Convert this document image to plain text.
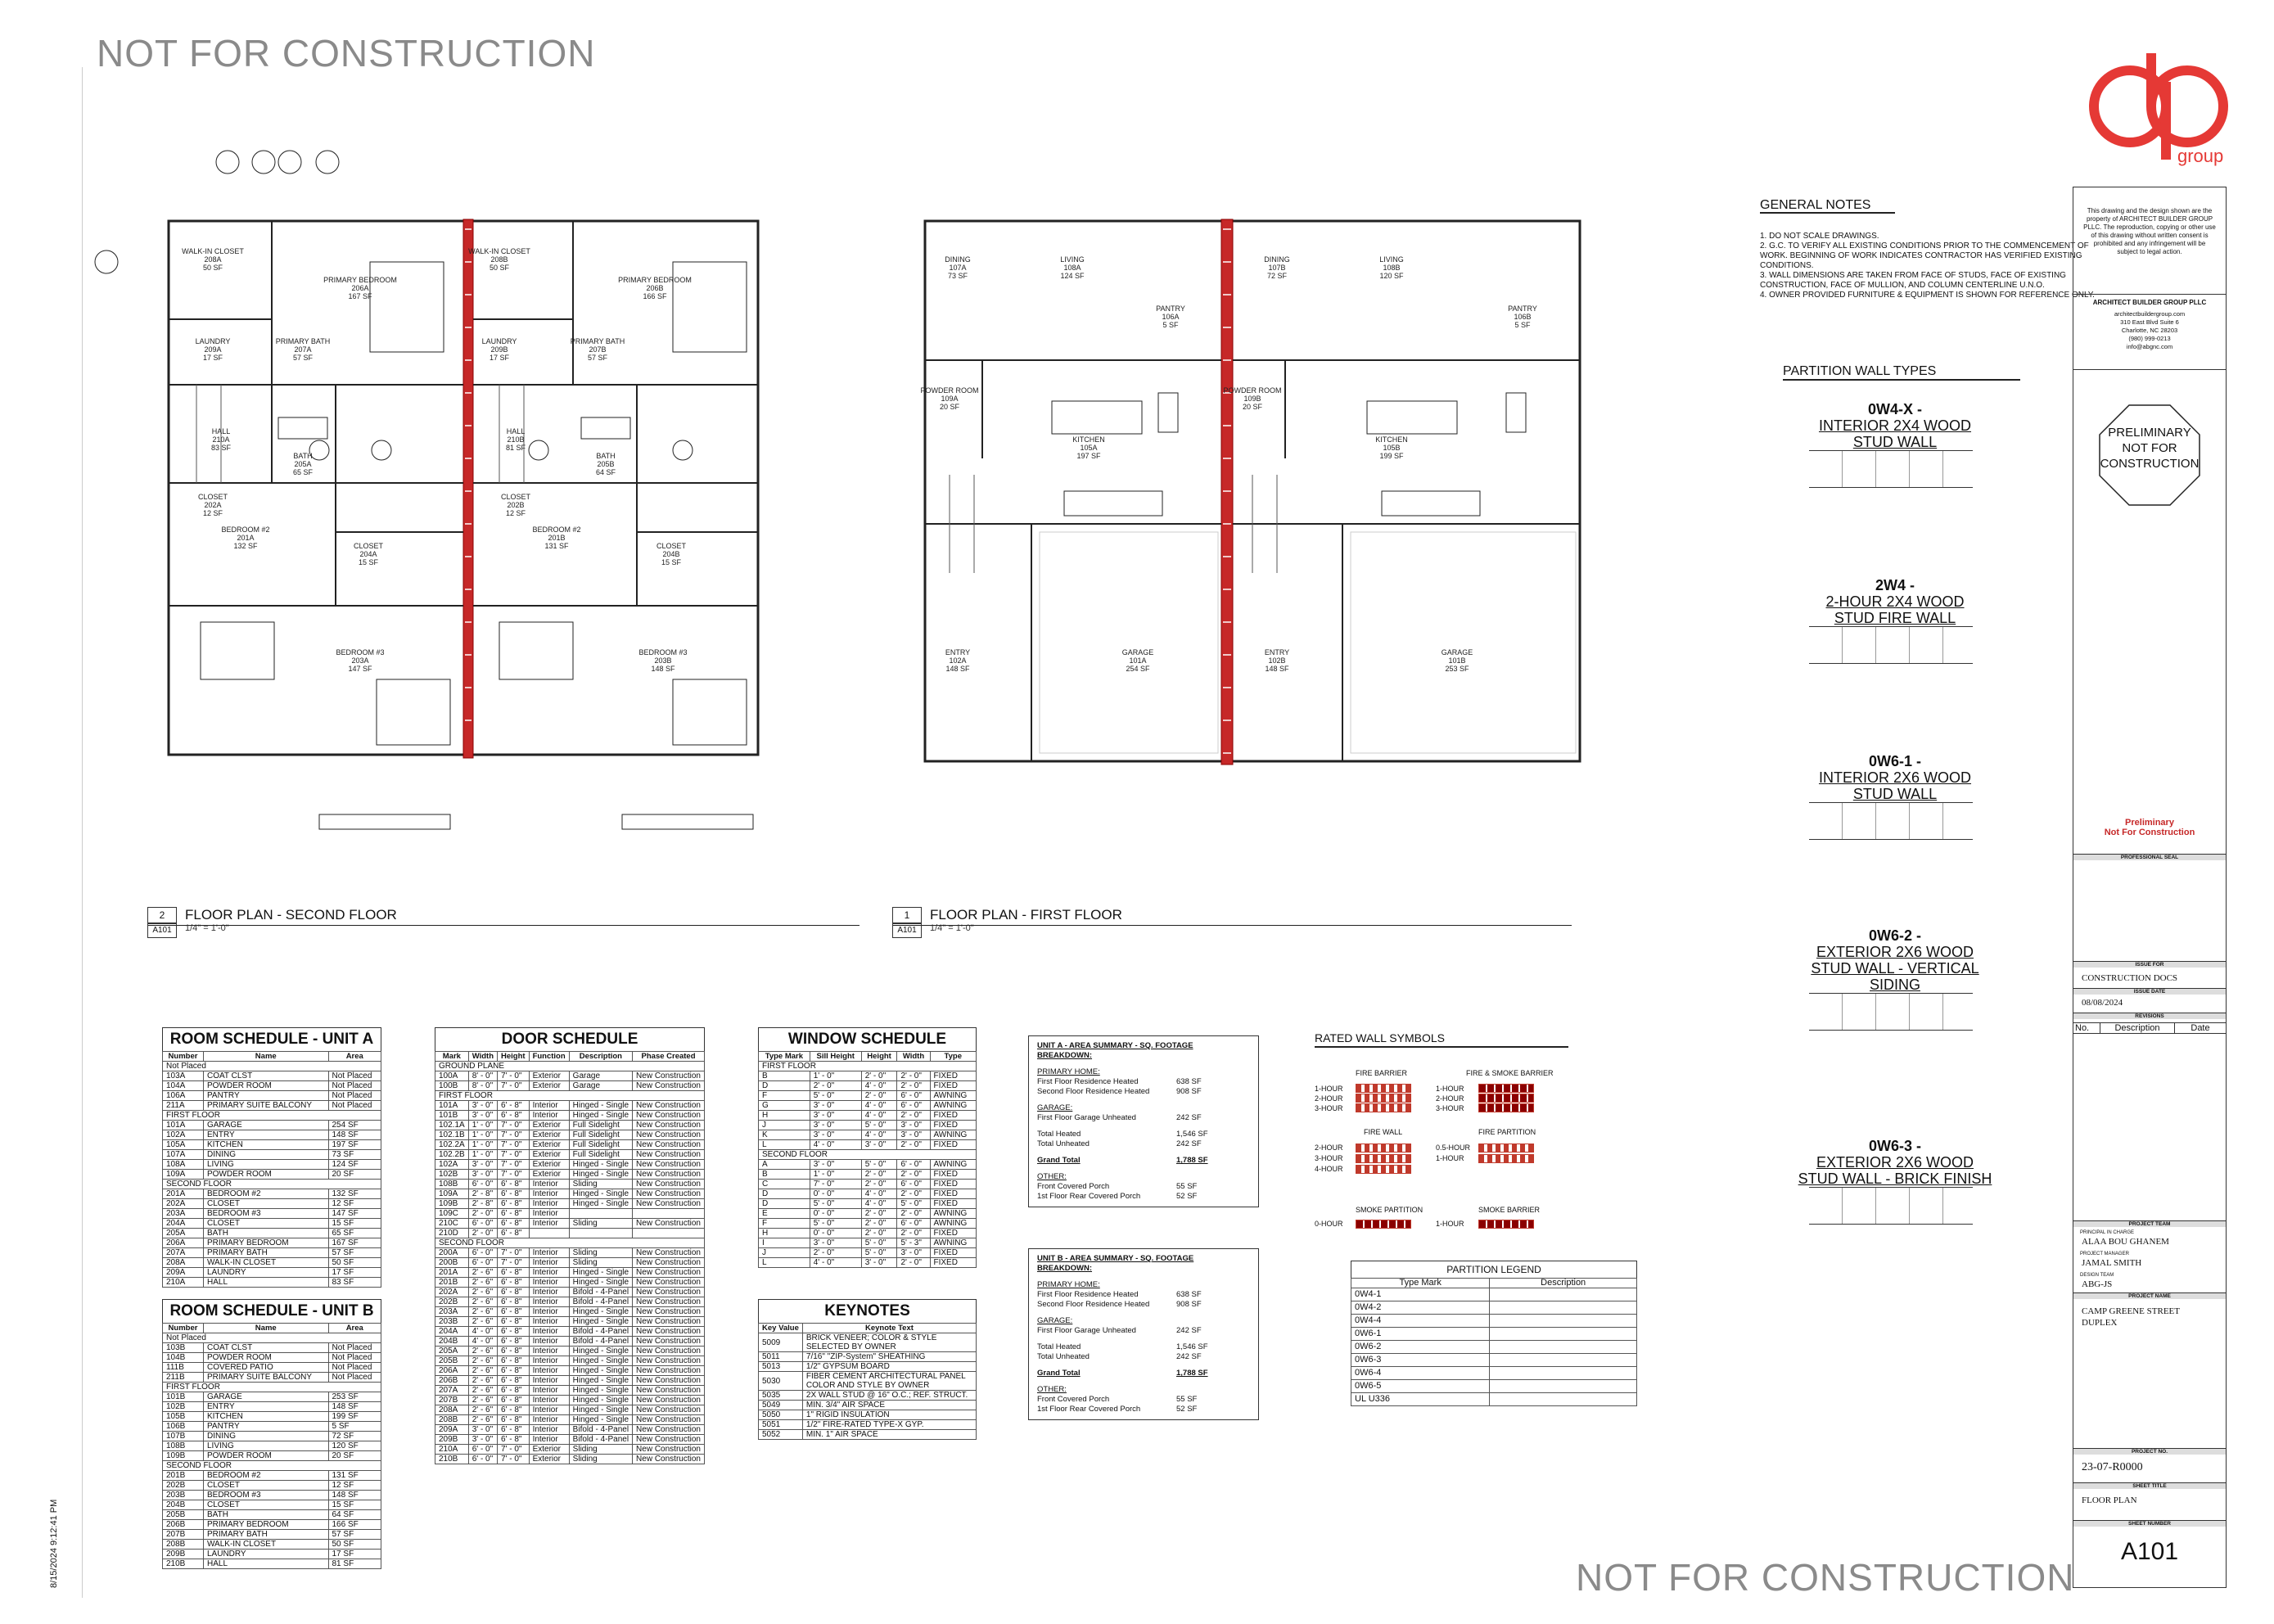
NOT FOR CONSTRUCTION
NOT FOR CONSTRUCTION
8/15/2024 9:12:41 PM
group
WALK-IN CLOSET
208A
50 SF
PRIMARY BEDROOM
206A
167 SF
WALK-IN CLOSET
208B
50 SF
PRIMARY BEDROOM
206B
166 SF
LAUNDRY
209A
17 SF
PRIMARY BATH
207A
57 SF
LAUNDRY
209B
17 SF
PRIMARY BATH
207B
57 SF
HALL
210A
83 SF
BATH
205A
65 SF
HALL
210B
81 SF
BATH
205B
64 SF
CLOSET
202A
12 SF
CLOSET
202B
12 SF
BEDROOM #2
201A
132 SF	CLOSET
204A
15 SF
BEDROOM #2
201B
131 SF	CLOSET
204B
15 SF
BEDROOM #3
203A
147 SF
BEDROOM #3
203B
148 SF
2	FLOOR PLAN - SECOND FLOOR
1/4" = 1'-0"
A101
DINING
107A
73 SF
LIVING
108A
124 SF
DINING
107B
72 SF
LIVING
108B
120 SF
PANTRY
106A
5 SF
PANTRY
106B
5 SF
POWDER ROOM
109A
20 SF
KITCHEN
105A
197 SF
POWDER ROOM
109B
20 SF
KITCHEN
105B
199 SF
ENTRY
102A
148 SF
GARAGE
101A
254 SF
ENTRY
102B
148 SF
GARAGE
101B
253 SF
1	FLOOR PLAN - FIRST FLOOR
1/4" = 1'-0"
A101
GENERAL NOTES
1. DO NOT SCALE DRAWINGS.
2. G.C. TO VERIFY ALL EXISTING CONDITIONS PRIOR TO THE COMMENCEMENT OF WORK. BEGINNING OF WORK INDICATES CONTRACTOR HAS VERIFIED EXISTING CONDITIONS.
3. WALL DIMENSIONS ARE TAKEN FROM FACE OF STUDS, FACE OF EXISTING CONSTRUCTION, FACE OF MULLION, AND COLUMN CENTERLINE U.N.O.
4. OWNER PROVIDED FURNITURE & EQUIPMENT IS SHOWN FOR REFERENCE ONLY.
PARTITION WALL TYPES
0W4-X -
INTERIOR 2X4 WOOD
STUD WALL
2W4 -
2-HOUR 2X4 WOOD
STUD FIRE WALL
0W6-1 -
INTERIOR 2X6 WOOD
STUD WALL
0W6-2 -
EXTERIOR 2X6 WOOD
STUD WALL - VERTICAL SIDING
0W6-3 -
EXTERIOR 2X6 WOOD
STUD WALL - BRICK FINISH
ROOM SCHEDULE - UNIT A
Number	Name	Area
Not Placed		
103A	COAT CLST	Not Placed
104A	POWDER ROOM	Not Placed
106A	PANTRY	Not Placed
211A	PRIMARY SUITE BALCONY	Not Placed
FIRST FLOOR		
101A	GARAGE	254 SF
102A	ENTRY	148 SF
105A	KITCHEN	197 SF
107A	DINING	73 SF
108A	LIVING	124 SF
109A	POWDER ROOM	20 SF
SECOND FLOOR		
201A	BEDROOM #2	132 SF
202A	CLOSET	12 SF
203A	BEDROOM #3	147 SF
204A	CLOSET	15 SF
205A	BATH	65 SF
206A	PRIMARY BEDROOM	167 SF
207A	PRIMARY BATH	57 SF
208A	WALK-IN CLOSET	50 SF
209A	LAUNDRY	17 SF
210A	HALL	83 SF
ROOM SCHEDULE - UNIT B
Number	Name	Area
Not Placed		
103B	COAT CLST	Not Placed
104B	POWDER ROOM	Not Placed
111B	COVERED PATIO	Not Placed
211B	PRIMARY SUITE BALCONY	Not Placed
FIRST FLOOR		
101B	GARAGE	253 SF
102B	ENTRY	148 SF
105B	KITCHEN	199 SF
106B	PANTRY	5 SF
107B	DINING	72 SF
108B	LIVING	120 SF
109B	POWDER ROOM	20 SF
SECOND FLOOR		
201B	BEDROOM #2	131 SF
202B	CLOSET	12 SF
203B	BEDROOM #3	148 SF
204B	CLOSET	15 SF
205B	BATH	64 SF
206B	PRIMARY BEDROOM	166 SF
207B	PRIMARY BATH	57 SF
208B	WALK-IN CLOSET	50 SF
209B	LAUNDRY	17 SF
210B	HALL	81 SF
DOOR SCHEDULE
Mark	Width	Height	Function	Description	Phase Created
GROUND PLANE					
100A	8' - 0"	7' - 0"	Exterior	Garage	New Construction
100B	8' - 0"	7' - 0"	Exterior	Garage	New Construction
FIRST FLOOR					
101A	3' - 0"	6' - 8"	Interior	Hinged - Single	New Construction
101B	3' - 0"	6' - 8"	Interior	Hinged - Single	New Construction
102.1A	1' - 0"	7' - 0"	Exterior	Full Sidelight	New Construction
102.1B	1' - 0"	7' - 0"	Exterior	Full Sidelight	New Construction
102.2A	1' - 0"	7' - 0"	Exterior	Full Sidelight	New Construction
102.2B	1' - 0"	7' - 0"	Exterior	Full Sidelight	New Construction
102A	3' - 0"	7' - 0"	Exterior	Hinged - Single	New Construction
102B	3' - 0"	7' - 0"	Exterior	Hinged - Single	New Construction
108B	6' - 0"	6' - 8"	Interior	Sliding	New Construction
109A	2' - 8"	6' - 8"	Interior	Hinged - Single	New Construction
109B	2' - 8"	6' - 8"	Interior	Hinged - Single	New Construction
109C	2' - 0"	6' - 8"	Interior		
210C	6' - 0"	6' - 8"	Interior	Sliding	New Construction
210D	2' - 0"	6' - 8"			
SECOND FLOOR					
200A	6' - 0"	7' - 0"	Interior	Sliding	New Construction
200B	6' - 0"	7' - 0"	Interior	Sliding	New Construction
201A	2' - 6"	6' - 8"	Interior	Hinged - Single	New Construction
201B	2' - 6"	6' - 8"	Interior	Hinged - Single	New Construction
202A	2' - 6"	6' - 8"	Interior	Bifold - 4-Panel	New Construction
202B	2' - 6"	6' - 8"	Interior	Bifold - 4-Panel	New Construction
203A	2' - 6"	6' - 8"	Interior	Hinged - Single	New Construction
203B	2' - 6"	6' - 8"	Interior	Hinged - Single	New Construction
204A	4' - 0"	6' - 8"	Interior	Bifold - 4-Panel	New Construction
204B	4' - 0"	6' - 8"	Interior	Bifold - 4-Panel	New Construction
205A	2' - 6"	6' - 8"	Interior	Hinged - Single	New Construction
205B	2' - 6"	6' - 8"	Interior	Hinged - Single	New Construction
206A	2' - 6"	6' - 8"	Interior	Hinged - Single	New Construction
206B	2' - 6"	6' - 8"	Interior	Hinged - Single	New Construction
207A	2' - 6"	6' - 8"	Interior	Hinged - Single	New Construction
207B	2' - 6"	6' - 8"	Interior	Hinged - Single	New Construction
208A	2' - 6"	6' - 8"	Interior	Hinged - Single	New Construction
208B	2' - 6"	6' - 8"	Interior	Hinged - Single	New Construction
209A	3' - 0"	6' - 8"	Interior	Bifold - 4-Panel	New Construction
209B	3' - 0"	6' - 8"	Interior	Bifold - 4-Panel	New Construction
210A	6' - 0"	7' - 0"	Exterior	Sliding	New Construction
210B	6' - 0"	7' - 0"	Exterior	Sliding	New Construction
WINDOW SCHEDULE
Type Mark	Sill Height	Height	Width	Type
FIRST FLOOR				
B	1' - 0"	2' - 0"	2' - 0"	FIXED
D	2' - 0"	4' - 0"	2' - 0"	FIXED
F	5' - 0"	2' - 0"	6' - 0"	AWNING
G	3' - 0"	4' - 0"	6' - 0"	AWNING
H	3' - 0"	4' - 0"	2' - 0"	FIXED
J	3' - 0"	5' - 0"	3' - 0"	FIXED
K	3' - 0"	4' - 0"	3' - 0"	AWNING
L	4' - 0"	3' - 0"	2' - 0"	FIXED
SECOND FLOOR				
A	3' - 0"	5' - 0"	6' - 0"	AWNING
B	1' - 0"	2' - 0"	2' - 0"	FIXED
C	7' - 0"	2' - 0"	6' - 0"	FIXED
D	0' - 0"	4' - 0"	2' - 0"	FIXED
D	5' - 0"	4' - 0"	5' - 0"	FIXED
E	0' - 0"	2' - 0"	2' - 0"	AWNING
F	5' - 0"	2' - 0"	6' - 0"	AWNING
H	0' - 0"	2' - 0"	2' - 0"	FIXED
I	3' - 0"	5' - 0"	5' - 3"	AWNING
J	2' - 0"	5' - 0"	3' - 0"	FIXED
L	4' - 0"	3' - 0"	2' - 0"	FIXED
KEYNOTES
Key Value	Keynote Text
5009	BRICK VENEER; COLOR & STYLE SELECTED BY OWNER
5011	7/16" "ZIP-System" SHEATHING
5013	1/2" GYPSUM BOARD
5030	FIBER CEMENT ARCHITECTURAL PANEL COLOR AND STYLE BY OWNER
5035	2X WALL STUD @ 16" O.C.; REF. STRUCT.
5049	MIN. 3/4" AIR SPACE
5050	1" RIGID INSULATION
5051	1/2" FIRE-RATED TYPE-X GYP.
5052	MIN. 1" AIR SPACE
UNIT A - AREA SUMMARY - SQ. FOOTAGE BREAKDOWN:
PRIMARY HOME:
First Floor Residence Heated	638 SF
Second Floor Residence Heated	908 SF
GARAGE:
First Floor Garage Unheated	242 SF
Total Heated	1,546 SF
Total Unheated	242 SF
Grand Total	1,788 SF
OTHER:
Front Covered Porch	55 SF
1st Floor Rear Covered Porch	52 SF
UNIT B - AREA SUMMARY - SQ. FOOTAGE BREAKDOWN:
PRIMARY HOME:
First Floor Residence Heated	638 SF
Second Floor Residence Heated	908 SF
GARAGE:
First Floor Garage Unheated	242 SF
Total Heated	1,546 SF
Total Unheated	242 SF
Grand Total	1,788 SF
OTHER:
Front Covered Porch	55 SF
1st Floor Rear Covered Porch	52 SF
RATED WALL SYMBOLS
FIRE BARRIER	FIRE & SMOKE BARRIER
1-HOUR
2-HOUR
3-HOUR

1-HOUR
2-HOUR
3-HOUR

FIRE WALL	FIRE PARTITION
2-HOUR
3-HOUR
4-HOUR

0.5-HOUR
1-HOUR

SMOKE PARTITION	SMOKE BARRIER
0-HOUR	1-HOUR
PARTITION LEGEND
Type Mark	Description
0W4-1	
0W4-2	
0W4-4	
0W6-1	
0W6-2	
0W6-3	
0W6-4	
0W6-5	
UL U336	
This drawing and the design shown are the property of ARCHITECT BUILDER GROUP PLLC. The reproduction, copying or other use of this drawing without written consent is prohibited and any infringement will be subject to legal action.
ARCHITECT BUILDER GROUP PLLC
architectbuildergroup.com
310 East Blvd Suite 6
Charlotte, NC 28203
(980) 999-0213
info@abgnc.com
PRELIMINARY
NOT FOR
CONSTRUCTION
Preliminary
Not For Construction
PROFESSIONAL SEAL
ISSUE FOR
CONSTRUCTION DOCS
ISSUE DATE
08/08/2024
REVISIONS
No.	Description	Date
PROJECT TEAM
PRINCIPAL IN CHARGE
ALAA BOU GHANEM
PROJECT MANAGER
JAMAL SMITH
DESIGN TEAM
ABG-JS
PROJECT NAME
CAMP GREENE STREET
DUPLEX
PROJECT NO.
23-07-R0000
SHEET TITLE
FLOOR PLAN
SHEET NUMBER
A101
